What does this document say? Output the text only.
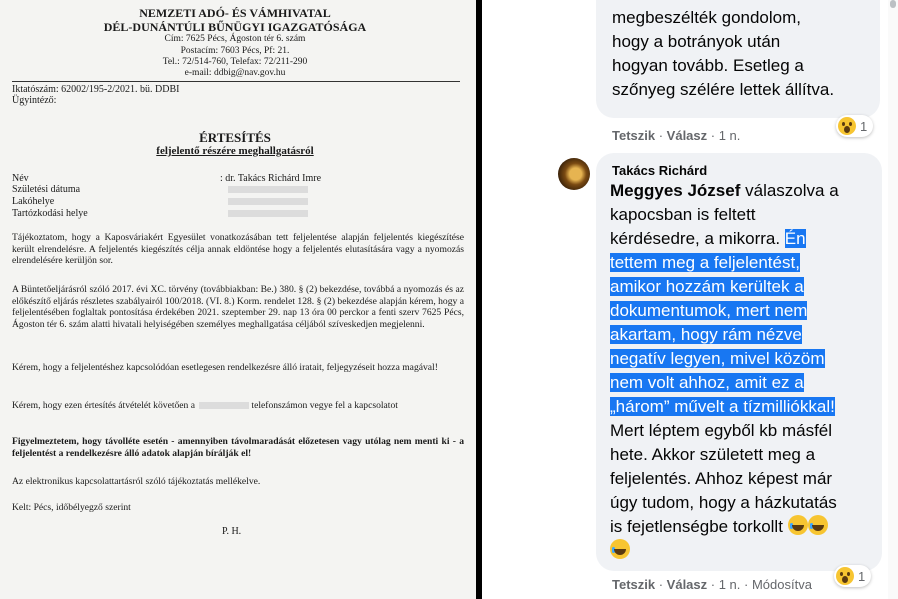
NEMZETI ADÓ- ÉS VÁMHIVATAL
DÉL-DUNÁNTÚLI BŰNÜGYI IGAZGATÓSÁGA
Cím: 7625 Pécs, Ágoston tér 6. szám
Postacím: 7603 Pécs, Pf: 21.
Tel.: 72/514-760, Telefax: 72/211-290
e-mail: ddbig@nav.gov.hu
Iktatószám: 62002/195-2/2021. bü. DDBI
Ügyintéző:
ÉRTESÍTÉS
feljelentő részére meghallgatásról
Név	: dr. Takács Richárd Imre
Születési dátuma
Lakóhelye
Tartózkodási helye
Tájékoztatom, hogy a Kaposváriakért Egyesület vonatkozásában tett feljelentése alapján feljelentés kiegészítése került elrendelésre. A feljelentés kiegészítés célja annak eldöntése hogy a feljelentés elutasítására vagy a nyomozás elrendelésére kerüljön sor.
A Büntetőeljárásról szóló 2017. évi XC. törvény (továbbiakban: Be.) 380. § (2) bekezdése, továbbá a nyomozás és az előkészítő eljárás részletes szabályairól 100/2018. (VI. 8.) Korm. rendelet 128. § (2) bekezdése alapján kérem, hogy a feljelentésében foglaltak pontosítása érdekében 2021. szeptember 29. nap 13 óra 00 perckor a fenti szerv 7625 Pécs, Ágoston tér 6. szám alatti hivatali helyiségében személyes meghallgatása céljából szíveskedjen megjelenni.
Kérem, hogy a feljelentéshez kapcsolódóan esetlegesen rendelkezésre álló iratait, feljegyzéseit hozza magával!
Kérem, hogy ezen értesítés átvételét követően a	telefonszámon vegye fel a kapcsolatot
Figyelmeztetem, hogy távolléte esetén - amennyiben távolmaradását előzetesen vagy utólag nem menti ki - a feljelentést a rendelkezésre álló adatok alapján bírálják el!
Az elektronikus kapcsolattartásról szóló tájékoztatás mellékelve.
Kelt: Pécs, időbélyegző szerint
P. H.
megbeszélték gondolom,
hogy a botrányok után
hogyan tovább. Esetleg a
szőnyeg szélére lettek állítva.
1
Tetszik · Válasz · 1 n.
Takács Richárd
Meggyes József válaszolva a
kapocsban is feltett
kérdésedre, a mikorra. Én
tettem meg a feljelentést,
amikor hozzám kerültek a
dokumentumok, mert nem
akartam, hogy rám nézve
negatív legyen, mivel közöm
nem volt ahhoz, amit ez a
„három” művelt a tízmilliókkal!
Mert léptem egyből kb másfél
hete. Akkor született meg a
feljelentés. Ahhoz képest már
úgy tudom, hogy a házkutatás
is fejetlenségbe torkollt
1
Tetszik · Válasz · 1 n. · Módosítva
